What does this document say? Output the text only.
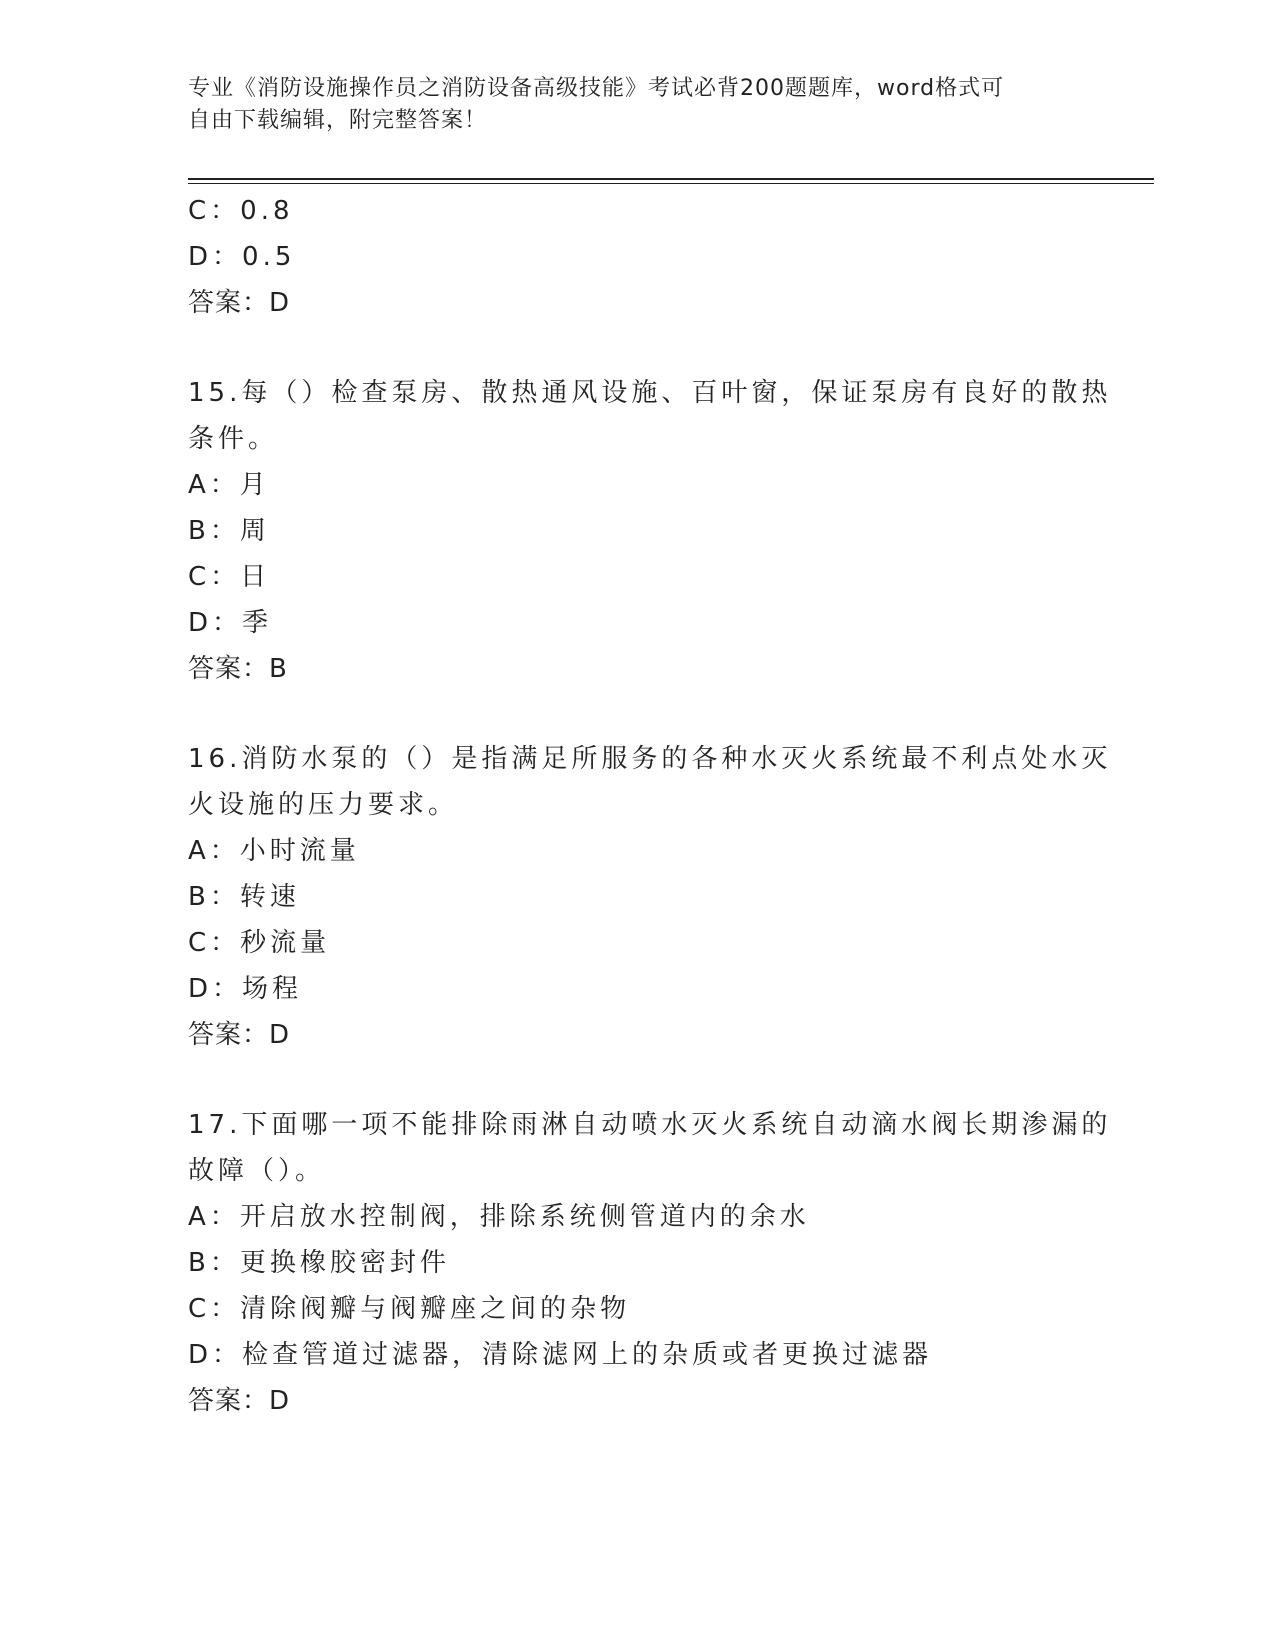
专业《消防设施操作员之消防设备高级技能》考试必背200题题库，word格式可
自由下载编辑，附完整答案！
C：0.8
D：0.5
答案：D
15.每（）检查泵房、散热通风设施、百叶窗，保证泵房有良好的散热
条件。
A：月
B：周
C：日
D：季
答案：B
16.消防水泵的（）是指满足所服务的各种水灭火系统最不利点处水灭
火设施的压力要求。
A：小时流量
B：转速
C：秒流量
D：场程
答案：D
17.下面哪一项不能排除雨淋自动喷水灭火系统自动滴水阀长期渗漏的
故障（）。
A：开启放水控制阀，排除系统侧管道内的余水
B：更换橡胶密封件
C：清除阀瓣与阀瓣座之间的杂物
D：检查管道过滤器，清除滤网上的杂质或者更换过滤器
答案：D
